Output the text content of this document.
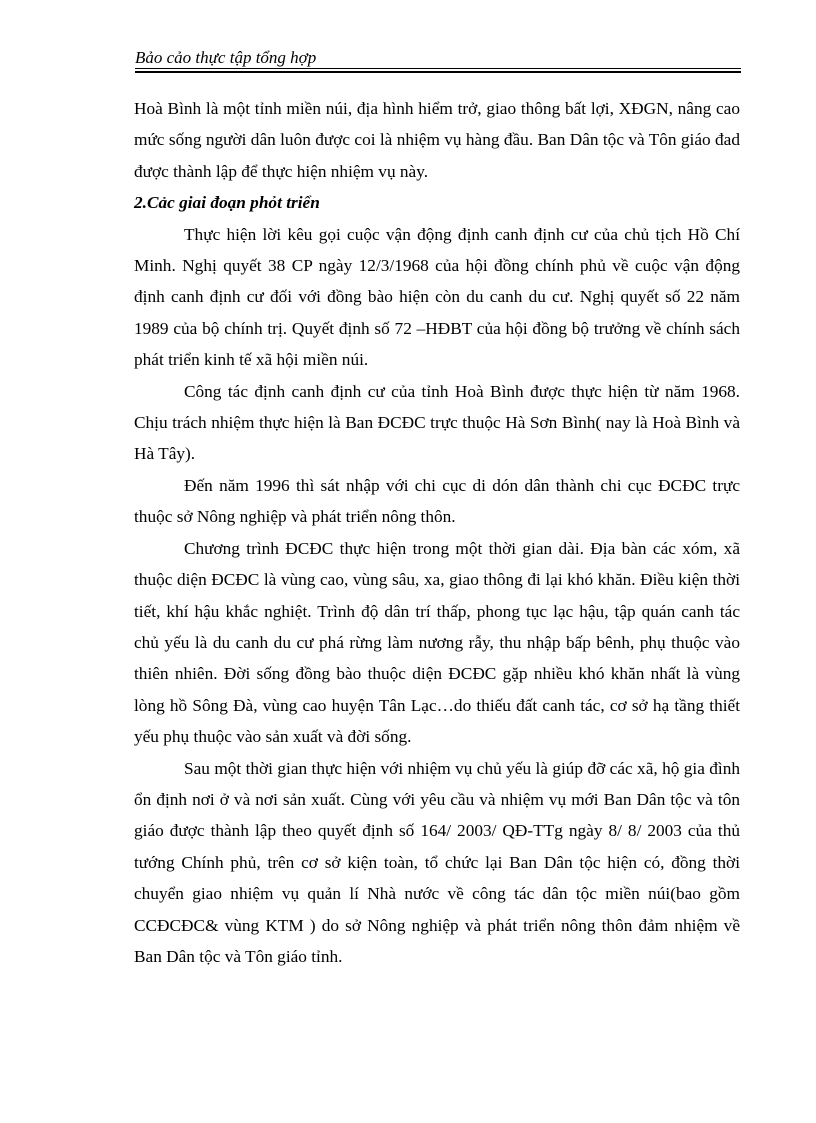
Bảo cảo thực tập tổng hợp

Hoà Bình là một tỉnh miền núi, địa hình hiểm trở, giao thông bất lợi, XĐGN, nâng cao mức sống người dân luôn được coi là nhiệm vụ hàng đầu. Ban Dân tộc và Tôn giáo đad được thành lập để thực hiện nhiệm vụ này.

2.Cảc giai đoạn phỏt triển

Thực hiện lời kêu gọi cuộc vận động định canh định cư của chủ tịch Hồ Chí Minh. Nghị quyết 38 CP ngày 12/3/1968 của hội đồng chính phủ về cuộc vận động định canh định cư đối với đồng bào hiện còn du canh du cư. Nghị quyết số 22 năm 1989 của bộ chính trị. Quyết định số 72 –HĐBT của hội đồng bộ trưởng về chính sách phát triển kinh tế xã hội miền núi.

Công tác định canh định cư của tỉnh Hoà Bình được thực hiện từ năm 1968. Chịu trách nhiệm thực hiện là Ban ĐCĐC trực thuộc Hà Sơn Bình( nay là Hoà Bình và Hà Tây).

Đến năm 1996 thì sát nhập với chi cục di dón dân thành chi cục ĐCĐC trực thuộc sở Nông nghiệp và phát triển nông thôn.

Chương trình ĐCĐC thực hiện trong một thời gian dài. Địa bàn các xóm, xã thuộc diện ĐCĐC là vùng cao, vùng sâu, xa, giao thông đi lại khó khăn. Điều kiện thời tiết, khí hậu khắc nghiệt. Trình độ dân trí thấp, phong tục lạc hậu, tập quán canh tác chủ yếu là du canh du cư phá rừng làm nương rẫy, thu nhập bấp bênh, phụ thuộc vào thiên nhiên. Đời sống đồng bào thuộc diện ĐCĐC gặp nhiều khó khăn nhất là vùng lòng hồ Sông Đà, vùng cao huyện Tân Lạc…do thiếu đất canh tác, cơ sở hạ tầng thiết yếu phụ thuộc vào sản xuất và đời sống.

Sau một thời gian thực hiện với nhiệm vụ chủ yếu là giúp đỡ các xã, hộ gia đình ổn định nơi ở và nơi sản xuất. Cùng với yêu cầu và nhiệm vụ mới Ban Dân tộc và tôn giáo được thành lập theo quyết định số 164/ 2003/ QĐ-TTg ngày 8/ 8/ 2003 của thủ tướng Chính phủ, trên cơ sở kiện toàn, tổ chức lại Ban Dân tộc hiện có, đồng thời chuyển giao nhiệm vụ quản lí Nhà nước về công tác dân tộc miền núi(bao gồm CCĐCĐC& vùng KTM ) do sở Nông nghiệp và phát triển nông thôn đảm nhiệm về Ban Dân tộc và Tôn giáo tỉnh.
